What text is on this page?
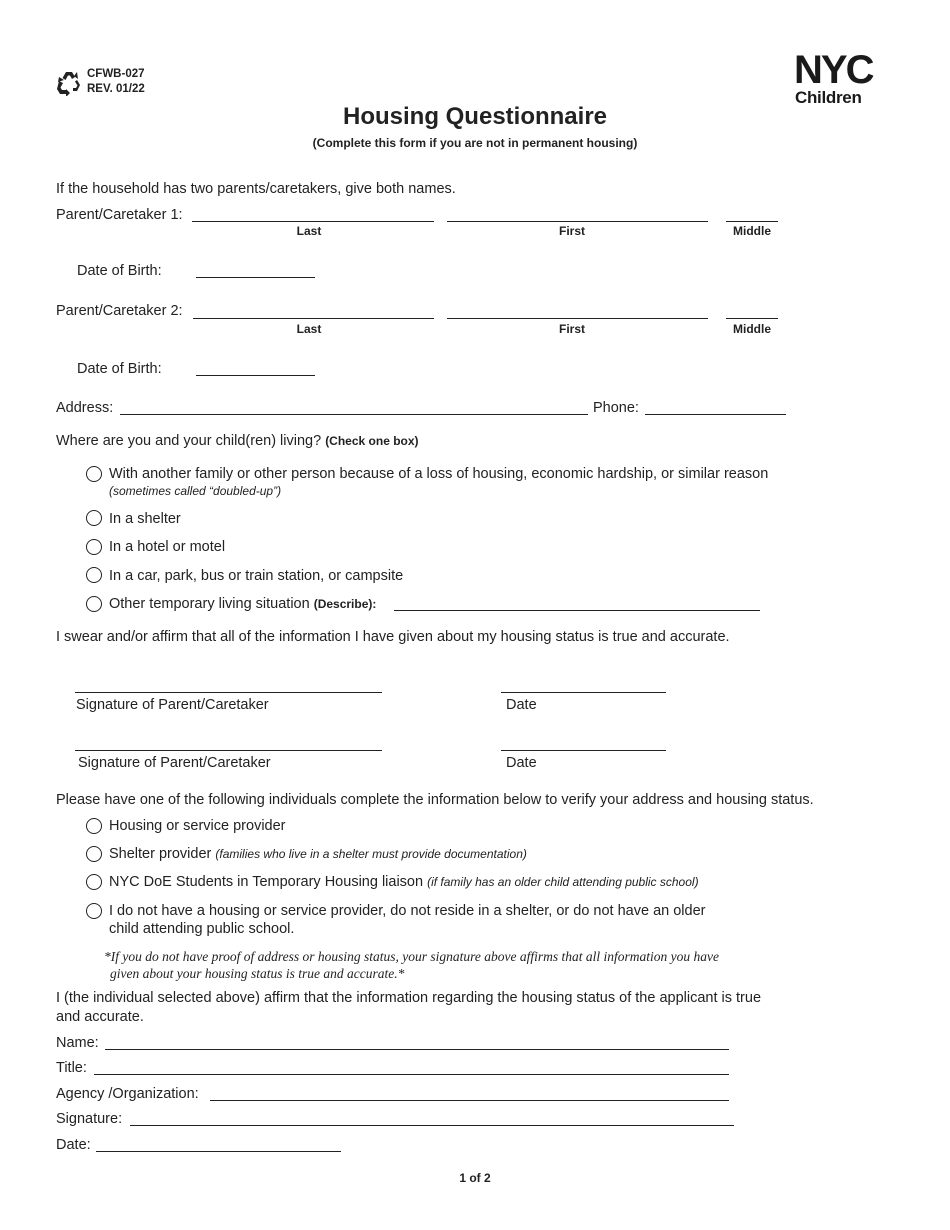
CFWB-027
REV. 01/22	NYC
Children
Housing Questionnaire
(Complete this form if you are not in permanent housing)
If the household has two parents/caretakers, give both names.
Parent/Caretaker 1:
Last	First	Middle
Date of Birth:
Parent/Caretaker 2:
Last	First	Middle
Date of Birth:
Address:	Phone:
Where are you and your child(ren) living? (Check one box)
With another family or other person because of a loss of housing, economic hardship, or similar reason
(sometimes called “doubled-up”)
In a shelter
In a hotel or motel
In a car, park, bus or train station, or campsite
Other temporary living situation (Describe):
I swear and/or affirm that all of the information I have given about my housing status is true and accurate.
Signature of Parent/Caretaker	Date
Signature of Parent/Caretaker	Date
Please have one of the following individuals complete the information below to verify your address and housing status.
Housing or service provider
Shelter provider (families who live in a shelter must provide documentation)
NYC DoE Students in Temporary Housing liaison (if family has an older child attending public school)
I do not have a housing or service provider, do not reside in a shelter, or do not have an older
child attending public school.
*If you do not have proof of address or housing status, your signature above affirms that all information you have
given about your housing status is true and accurate.*
I (the individual selected above) affirm that the information regarding the housing status of the applicant is true
and accurate.
Name:
Title:
Agency /Organization:
Signature:
Date:
1 of 2
